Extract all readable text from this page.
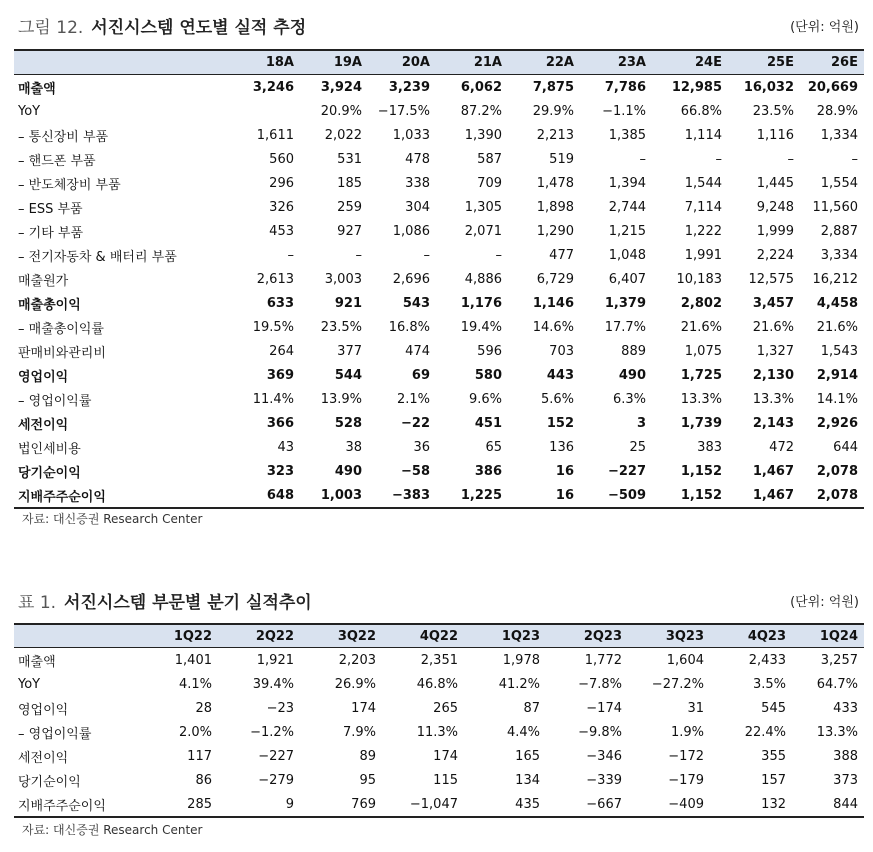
그림 12. 서진시스템 연도별 실적 추정	(단위: 억원)
	18A	19A	20A	21A	22A	23A	24E	25E	26E
매출액	3,246	3,924	3,239	6,062	7,875	7,786	12,985	16,032	20,669
YoY		20.9%	−17.5%	87.2%	29.9%	−1.1%	66.8%	23.5%	28.9%
– 통신장비 부품	1,611	2,022	1,033	1,390	2,213	1,385	1,114	1,116	1,334
– 핸드폰 부품	560	531	478	587	519	–	–	–	–
– 반도체장비 부품	296	185	338	709	1,478	1,394	1,544	1,445	1,554
– ESS 부품	326	259	304	1,305	1,898	2,744	7,114	9,248	11,560
– 기타 부품	453	927	1,086	2,071	1,290	1,215	1,222	1,999	2,887
– 전기자동차 & 배터리 부품	–	–	–	–	477	1,048	1,991	2,224	3,334
매출원가	2,613	3,003	2,696	4,886	6,729	6,407	10,183	12,575	16,212
매출총이익	633	921	543	1,176	1,146	1,379	2,802	3,457	4,458
– 매출총이익률	19.5%	23.5%	16.8%	19.4%	14.6%	17.7%	21.6%	21.6%	21.6%
판매비와관리비	264	377	474	596	703	889	1,075	1,327	1,543
영업이익	369	544	69	580	443	490	1,725	2,130	2,914
– 영업이익률	11.4%	13.9%	2.1%	9.6%	5.6%	6.3%	13.3%	13.3%	14.1%
세전이익	366	528	−22	451	152	3	1,739	2,143	2,926
법인세비용	43	38	36	65	136	25	383	472	644
당기순이익	323	490	−58	386	16	−227	1,152	1,467	2,078
지배주주순이익	648	1,003	−383	1,225	16	−509	1,152	1,467	2,078
자료: 대신증권 Research Center
표 1. 서진시스템 부문별 분기 실적추이	(단위: 억원)
	1Q22	2Q22	3Q22	4Q22	1Q23	2Q23	3Q23	4Q23	1Q24
매출액	1,401	1,921	2,203	2,351	1,978	1,772	1,604	2,433	3,257
YoY	4.1%	39.4%	26.9%	46.8%	41.2%	−7.8%	−27.2%	3.5%	64.7%
영업이익	28	−23	174	265	87	−174	31	545	433
– 영업이익률	2.0%	−1.2%	7.9%	11.3%	4.4%	−9.8%	1.9%	22.4%	13.3%
세전이익	117	−227	89	174	165	−346	−172	355	388
당기순이익	86	−279	95	115	134	−339	−179	157	373
지배주주순이익	285	9	769	−1,047	435	−667	−409	132	844
자료: 대신증권 Research Center
